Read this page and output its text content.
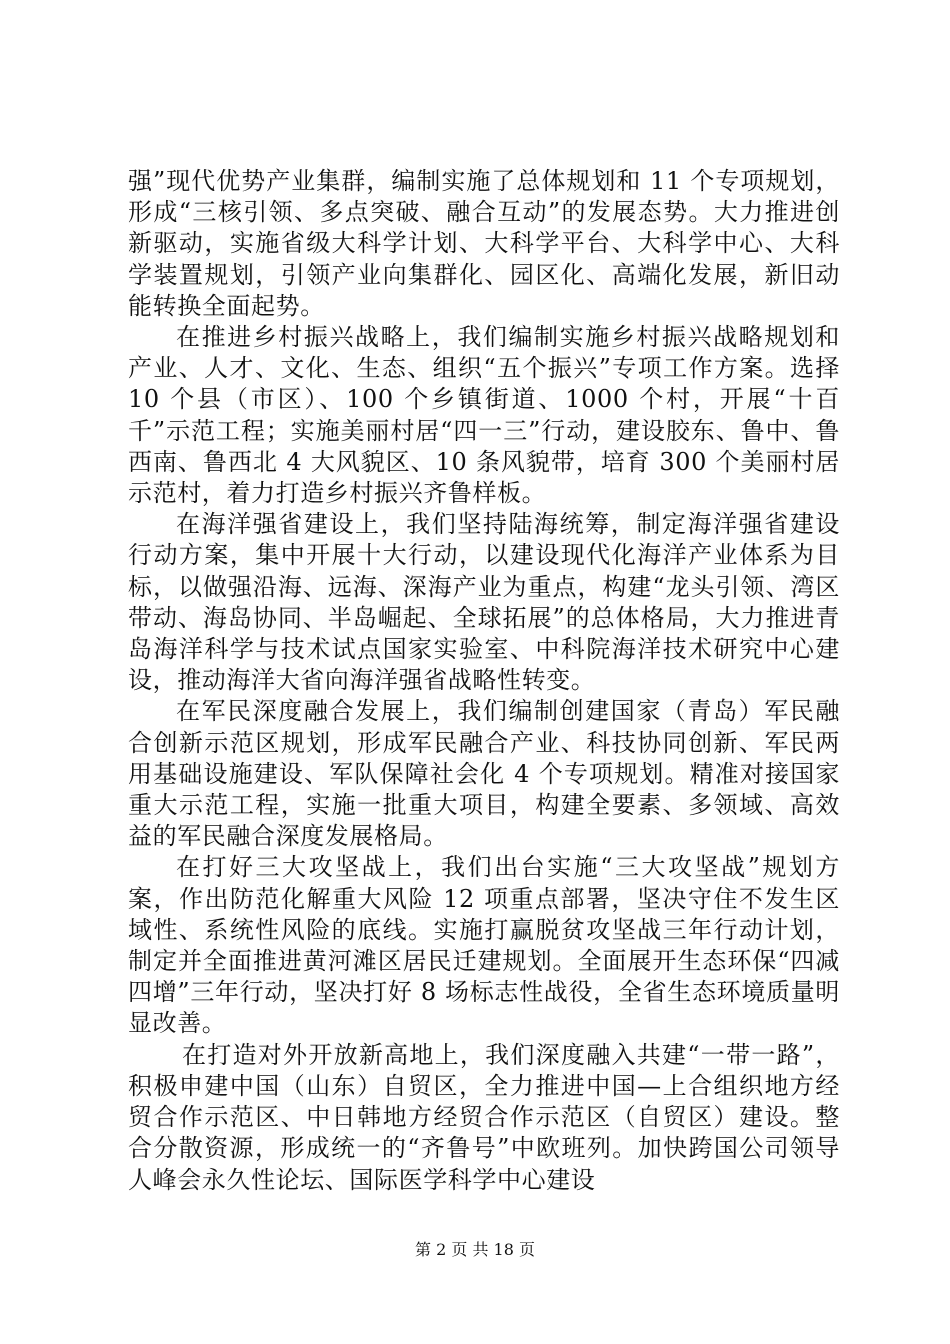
强”现代优势产业集群，编制实施了总体规划和 11 个专项规划，形成“三核引领、多点突破、融合互动”的发展态势。大力推进创新驱动，实施省级大科学计划、大科学平台、大科学中心、大科学装置规划，引领产业向集群化、园区化、高端化发展，新旧动能转换全面起势。

在推进乡村振兴战略上，我们编制实施乡村振兴战略规划和产业、人才、文化、生态、组织“五个振兴”专项工作方案。选择 10 个县（市区）、100 个乡镇街道、1000 个村，开展“十百千”示范工程；实施美丽村居“四一三”行动，建设胶东、鲁中、鲁西南、鲁西北 4 大风貌区、10 条风貌带，培育 300 个美丽村居示范村，着力打造乡村振兴齐鲁样板。

在海洋强省建设上，我们坚持陆海统筹，制定海洋强省建设行动方案，集中开展十大行动，以建设现代化海洋产业体系为目标，以做强沿海、远海、深海产业为重点，构建“龙头引领、湾区带动、海岛协同、半岛崛起、全球拓展”的总体格局，大力推进青岛海洋科学与技术试点国家实验室、中科院海洋技术研究中心建设，推动海洋大省向海洋强省战略性转变。

在军民深度融合发展上，我们编制创建国家（青岛）军民融合创新示范区规划，形成军民融合产业、科技协同创新、军民两用基础设施建设、军队保障社会化 4 个专项规划。精准对接国家重大示范工程，实施一批重大项目，构建全要素、多领域、高效益的军民融合深度发展格局。

在打好三大攻坚战上，我们出台实施“三大攻坚战”规划方案，作出防范化解重大风险 12 项重点部署，坚决守住不发生区域性、系统性风险的底线。实施打赢脱贫攻坚战三年行动计划，制定并全面推进黄河滩区居民迁建规划。全面展开生态环保“四减四增”三年行动，坚决打好 8 场标志性战役，全省生态环境质量明显改善。

在打造对外开放新高地上，我们深度融入共建“一带一路”，积极申建中国（山东）自贸区，全力推进中国—上合组织地方经贸合作示范区、中日韩地方经贸合作示范区（自贸区）建设。整合分散资源，形成统一的“齐鲁号”中欧班列。加快跨国公司领导人峰会永久性论坛、国际医学科学中心建设

第 2 页 共 18 页
